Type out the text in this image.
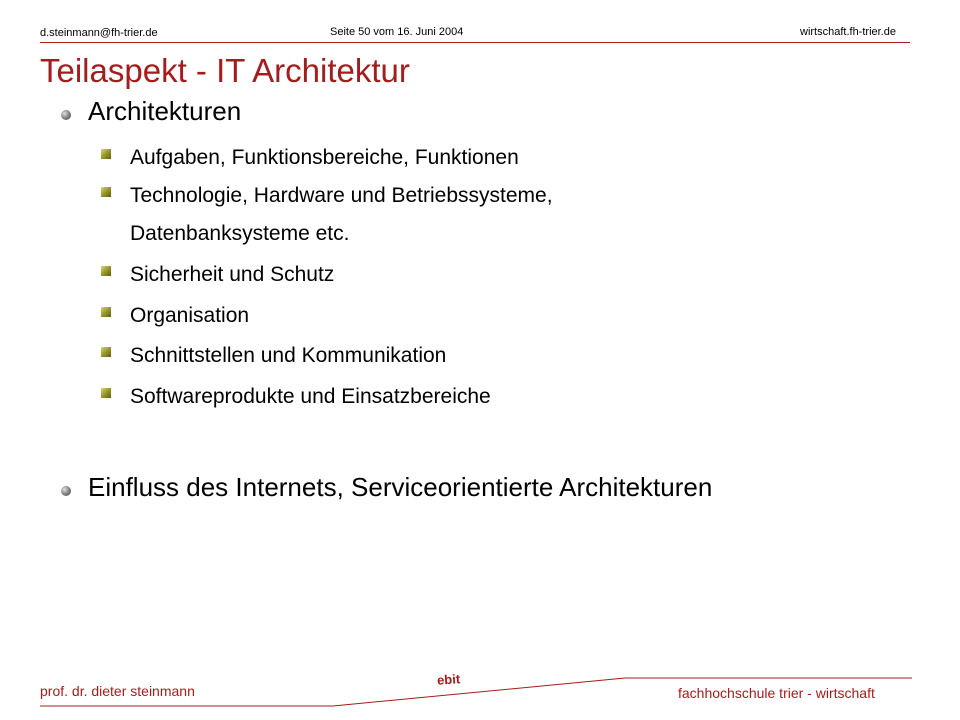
d.steinmann@fh-trier.de	Seite 50 vom 16. Juni 2004	wirtschaft.fh-trier.de
Teilaspekt - IT Architektur
Architekturen
Aufgaben, Funktionsbereiche, Funktionen
Technologie, Hardware und Betriebssysteme,
Datenbanksysteme etc.
Sicherheit und Schutz
Organisation
Schnittstellen und Kommunikation
Softwareprodukte und Einsatzbereiche
Einfluss des Internets, Serviceorientierte Architekturen
prof. dr. dieter steinmann
ebit
fachhochschule trier - wirtschaft
